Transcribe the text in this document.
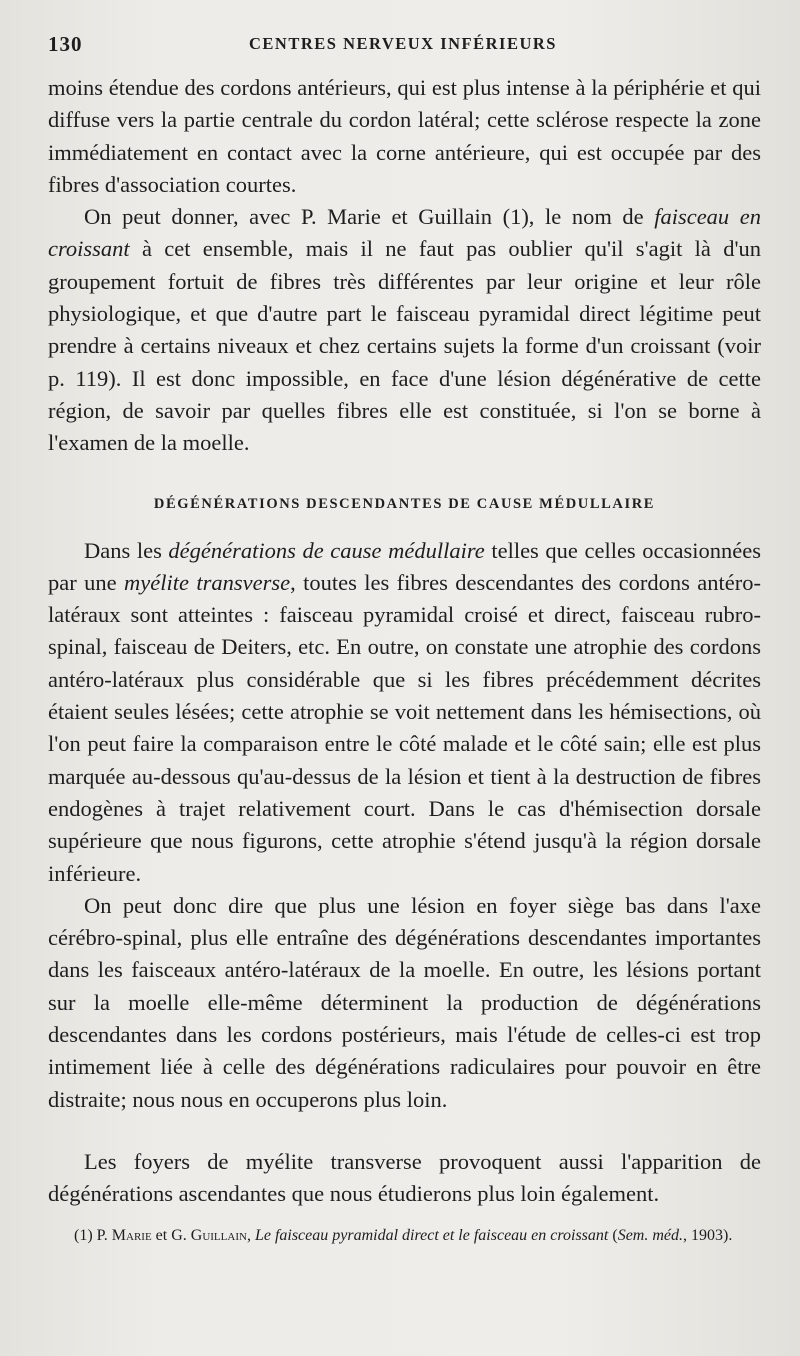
130	CENTRES NERVEUX INFÉRIEURS

moins étendue des cordons antérieurs, qui est plus intense à la périphérie et qui diffuse vers la partie centrale du cordon latéral; cette sclérose respecte la zone immédiatement en contact avec la corne antérieure, qui est occupée par des fibres d'association courtes.

On peut donner, avec P. Marie et Guillain (1), le nom de faisceau en croissant à cet ensemble, mais il ne faut pas oublier qu'il s'agit là d'un groupement fortuit de fibres très différentes par leur origine et leur rôle physiologique, et que d'autre part le faisceau pyramidal direct légitime peut prendre à certains niveaux et chez certains sujets la forme d'un croissant (voir p. 119). Il est donc impossible, en face d'une lésion dégénérative de cette région, de savoir par quelles fibres elle est constituée, si l'on se borne à l'examen de la moelle.

DÉGÉNÉRATIONS DESCENDANTES DE CAUSE MÉDULLAIRE

Dans les dégénérations de cause médullaire telles que celles occasionnées par une myélite transverse, toutes les fibres descendantes des cordons antéro-latéraux sont atteintes : faisceau pyramidal croisé et direct, faisceau rubro-spinal, faisceau de Deiters, etc. En outre, on constate une atrophie des cordons antéro-latéraux plus considérable que si les fibres précédemment décrites étaient seules lésées; cette atrophie se voit nettement dans les hémisections, où l'on peut faire la comparaison entre le côté malade et le côté sain; elle est plus marquée au-dessous qu'au-dessus de la lésion et tient à la destruction de fibres endogènes à trajet relativement court. Dans le cas d'hémisection dorsale supérieure que nous figurons, cette atrophie s'étend jusqu'à la région dorsale inférieure.

On peut donc dire que plus une lésion en foyer siège bas dans l'axe cérébro-spinal, plus elle entraîne des dégénérations descendantes importantes dans les faisceaux antéro-latéraux de la moelle. En outre, les lésions portant sur la moelle elle-même déterminent la production de dégénérations descendantes dans les cordons postérieurs, mais l'étude de celles-ci est trop intimement liée à celle des dégénérations radiculaires pour pouvoir en être distraite; nous nous en occuperons plus loin.

Les foyers de myélite transverse provoquent aussi l'apparition de dégénérations ascendantes que nous étudierons plus loin également.

(1) P. Marie et G. Guillain, Le faisceau pyramidal direct et le faisceau en croissant (Sem. méd., 1903).
